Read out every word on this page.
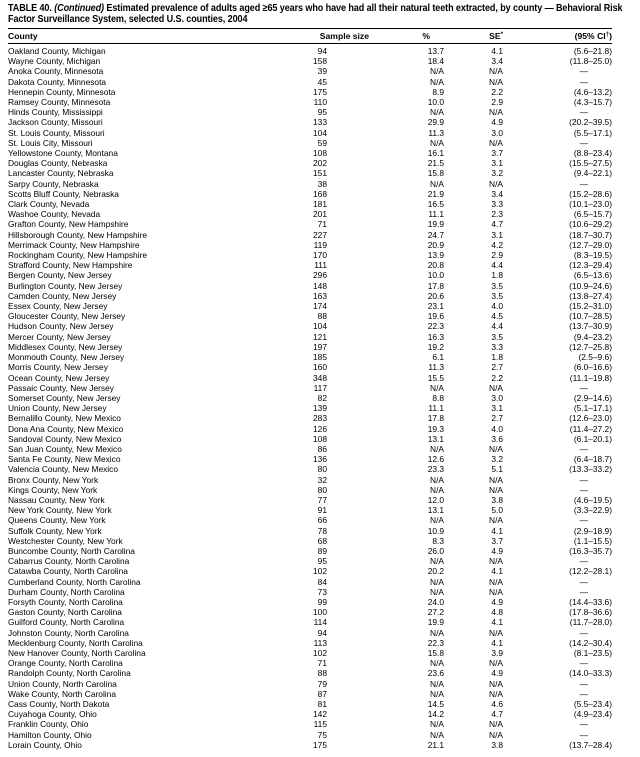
TABLE 40. (Continued) Estimated prevalence of adults aged ≥65 years who have had all their natural teeth extracted, by county — Behavioral Risk Factor Surveillance System, selected U.S. counties, 2004
County	Sample size	%	SE*	(95% CI†)
Oakland County, Michigan	94	13.7	4.1	(5.6–21.8)
Wayne County, Michigan	158	18.4	3.4	(11.8–25.0)
Anoka County, Minnesota	39	N/A	N/A	—
Dakota County, Minnesota	45	N/A	N/A	—
Hennepin County, Minnesota	175	8.9	2.2	(4.6–13.2)
Ramsey County, Minnesota	110	10.0	2.9	(4.3–15.7)
Hinds County, Mississippi	95	N/A	N/A	—
Jackson County, Missouri	133	29.9	4.9	(20.2–39.5)
St. Louis County, Missouri	104	11.3	3.0	(5.5–17.1)
St. Louis City, Missouri	59	N/A	N/A	—
Yellowstone County, Montana	108	16.1	3.7	(8.8–23.4)
Douglas County, Nebraska	202	21.5	3.1	(15.5–27.5)
Lancaster County, Nebraska	151	15.8	3.2	(9.4–22.1)
Sarpy County, Nebraska	38	N/A	N/A	—
Scotts Bluff County, Nebraska	168	21.9	3.4	(15.2–28.6)
Clark County, Nevada	181	16.5	3.3	(10.1–23.0)
Washoe County, Nevada	201	11.1	2.3	(6.5–15.7)
Grafton County, New Hampshire	71	19.9	4.7	(10.6–29.2)
Hillsborough County, New Hampshire	227	24.7	3.1	(18.7–30.7)
Merrimack County, New Hampshire	119	20.9	4.2	(12.7–29.0)
Rockingham County, New Hampshire	170	13.9	2.9	(8.3–19.5)
Strafford County, New Hampshire	111	20.8	4.4	(12.3–29.4)
Bergen County, New Jersey	296	10.0	1.8	(6.5–13.6)
Burlington County, New Jersey	148	17.8	3.5	(10.9–24.6)
Camden County, New Jersey	163	20.6	3.5	(13.8–27.4)
Essex County, New Jersey	174	23.1	4.0	(15.2–31.0)
Gloucester County, New Jersey	88	19.6	4.5	(10.7–28.5)
Hudson County, New Jersey	104	22.3	4.4	(13.7–30.9)
Mercer County, New Jersey	121	16.3	3.5	(9.4–23.2)
Middlesex County, New Jersey	197	19.2	3.3	(12.7–25.8)
Monmouth County, New Jersey	185	6.1	1.8	(2.5–9.6)
Morris County, New Jersey	160	11.3	2.7	(6.0–16.6)
Ocean County, New Jersey	348	15.5	2.2	(11.1–19.8)
Passaic County, New Jersey	117	N/A	N/A	—
Somerset County, New Jersey	82	8.8	3.0	(2.9–14.6)
Union County, New Jersey	139	11.1	3.1	(5.1–17.1)
Bernalillo County, New Mexico	283	17.8	2.7	(12.6–23.0)
Dona Ana County, New Mexico	126	19.3	4.0	(11.4–27.2)
Sandoval County, New Mexico	108	13.1	3.6	(6.1–20.1)
San Juan County, New Mexico	86	N/A	N/A	—
Santa Fe County, New Mexico	136	12.6	3.2	(6.4–18.7)
Valencia County, New Mexico	80	23.3	5.1	(13.3–33.2)
Bronx County, New York	32	N/A	N/A	—
Kings County, New York	80	N/A	N/A	—
Nassau County, New York	77	12.0	3.8	(4.6–19.5)
New York County, New York	91	13.1	5.0	(3.3–22.9)
Queens County, New York	66	N/A	N/A	—
Suffolk County, New York	78	10.9	4.1	(2.9–18.9)
Westchester County, New York	68	8.3	3.7	(1.1–15.5)
Buncombe County, North Carolina	89	26.0	4.9	(16.3–35.7)
Cabarrus County, North Carolina	95	N/A	N/A	—
Catawba County, North Carolina	102	20.2	4.1	(12.2–28.1)
Cumberland County, North Carolina	84	N/A	N/A	—
Durham County, North Carolina	73	N/A	N/A	—
Forsyth County, North Carolina	99	24.0	4.9	(14.4–33.6)
Gaston County, North Carolina	100	27.2	4.8	(17.8–36.6)
Guilford County, North Carolina	114	19.9	4.1	(11.7–28.0)
Johnston County, North Carolina	94	N/A	N/A	—
Mecklenburg County, North Carolina	113	22.3	4.1	(14.2–30.4)
New Hanover County, North Carolina	102	15.8	3.9	(8.1–23.5)
Orange County, North Carolina	71	N/A	N/A	—
Randolph County, North Carolina	88	23.6	4.9	(14.0–33.3)
Union County, North Carolina	79	N/A	N/A	—
Wake County, North Carolina	87	N/A	N/A	—
Cass County, North Dakota	81	14.5	4.6	(5.5–23.4)
Cuyahoga County, Ohio	142	14.2	4.7	(4.9–23.4)
Franklin County, Ohio	115	N/A	N/A	—
Hamilton County, Ohio	75	N/A	N/A	—
Lorain County, Ohio	175	21.1	3.8	(13.7–28.4)
